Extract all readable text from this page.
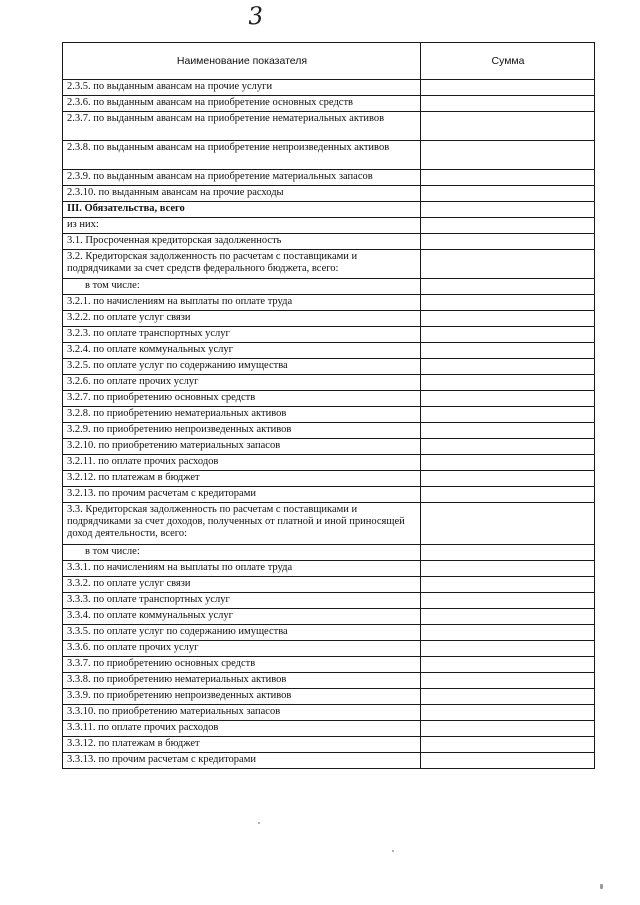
3
Наименование показателя	Сумма
2.3.5. по выданным авансам на прочие услуги	
2.3.6. по выданным авансам на приобретение основных средств	
2.3.7. по выданным авансам на приобретение нематериальных активов	
2.3.8. по выданным авансам на приобретение непроизведенных активов	
2.3.9. по выданным авансам на приобретение материальных запасов	
2.3.10. по выданным авансам на прочие расходы	
III. Обязательства, всего	
из них:	
3.1. Просроченная кредиторская задолженность	
3.2. Кредиторская задолженность по расчетам с поставщиками и подрядчиками за счет средств федерального бюджета, всего:	
в том числе:	
3.2.1. по начислениям на выплаты по оплате труда	
3.2.2. по оплате услуг связи	
3.2.3. по оплате транспортных услуг	
3.2.4. по оплате коммунальных услуг	
3.2.5. по оплате услуг по содержанию имущества	
3.2.6. по оплате прочих услуг	
3.2.7. по приобретению основных средств	
3.2.8. по приобретению нематериальных активов	
3.2.9. по приобретению непроизведенных активов	
3.2.10. по приобретению материальных запасов	
3.2.11. по оплате прочих расходов	
3.2.12. по платежам в бюджет	
3.2.13. по прочим расчетам с кредиторами	
3.3. Кредиторская задолженность по расчетам с поставщиками и подрядчиками за счет доходов, полученных от платной и иной приносящей доход деятельности, всего:	
в том числе:	
3.3.1. по начислениям на выплаты по оплате труда	
3.3.2. по оплате услуг связи	
3.3.3. по оплате транспортных услуг	
3.3.4. по оплате коммунальных услуг	
3.3.5. по оплате услуг по содержанию имущества	
3.3.6. по оплате прочих услуг	
3.3.7. по приобретению основных средств	
3.3.8. по приобретению нематериальных активов	
3.3.9. по приобретению непроизведенных активов	
3.3.10. по приобретению материальных запасов	
3.3.11. по оплате прочих расходов	
3.3.12. по платежам в бюджет	
3.3.13. по прочим расчетам с кредиторами	
